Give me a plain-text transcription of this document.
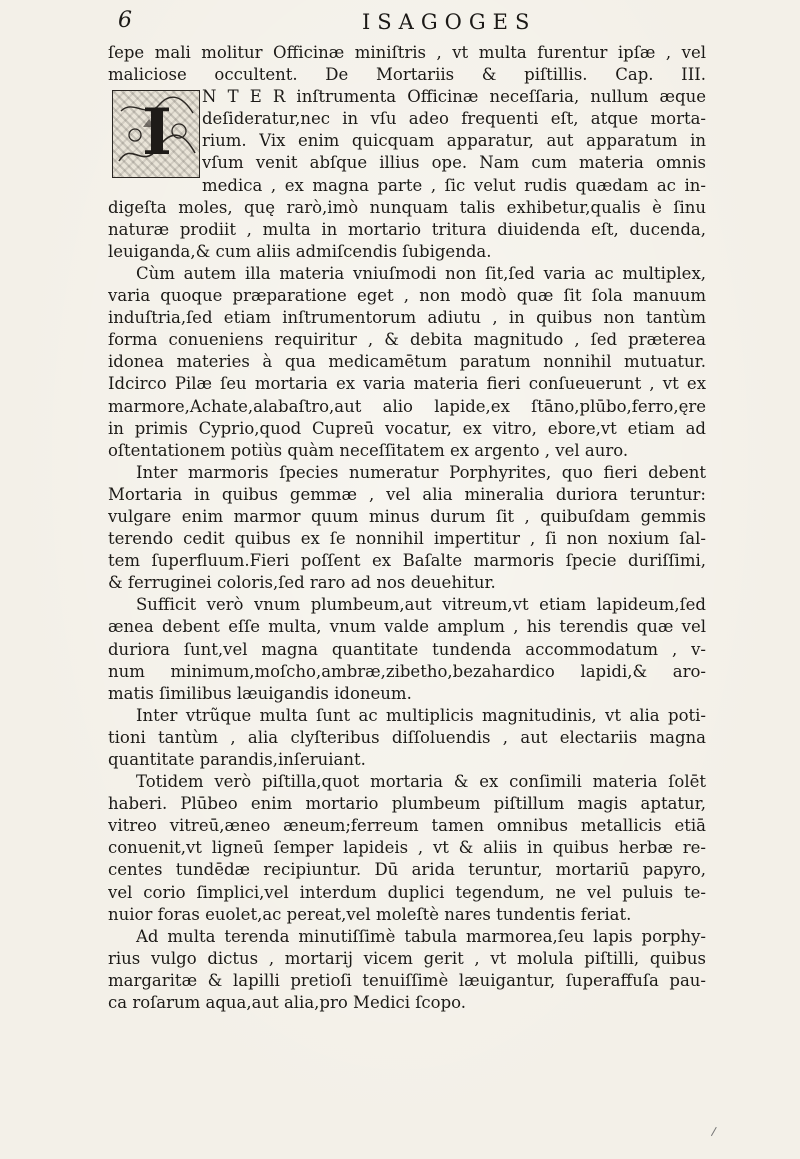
6	ISAGOGES
I
ſepe mali molitur Officinæ miniſtris , vt multa furentur ipſæ , vel
maliciose occultent. De Mortariis & piſtillis. Cap. III.
N T E R inſtrumenta Officinæ neceſſaria, nullum æque
deſideratur,nec in vſu adeo frequenti eſt, atque morta-
rium. Vix enim quicquam apparatur, aut apparatum in
vſum venit abſque illius ope. Nam cum materia omnis
medica , ex magna parte , ſic velut rudis quædam ac in-
digeſta moles, quę rarò,imò nunquam talis exhibetur,qualis è ſinu
naturæ prodiit , multa in mortario tritura diuidenda eſt, ducenda,
leuiganda,& cum aliis admiſcendis ſubigenda.
Cùm autem illa materia vniuſmodi non ſit,ſed varia ac multiplex,
varia quoque præparatione eget , non modò quæ ſit ſola manuum
induſtria,ſed etiam inſtrumentorum adiutu , in quibus non tantùm
forma conueniens requiritur , & debita magnitudo , ſed præterea
idonea materies à qua medicamētum paratum nonnihil mutuatur.
Idcirco Pilæ ſeu mortaria ex varia materia fieri conſueuerunt , vt ex
marmore,Achate,alabaſtro,aut alio lapide,ex ſtāno,plūbo,ferro,ęre
in primis Cyprio,quod Cupreū vocatur, ex vitro, ebore,vt etiam ad
oſtentationem potiùs quàm neceſſitatem ex argento , vel auro.
Inter marmoris ſpecies numeratur Porphyrites, quo fieri debent
Mortaria in quibus gemmæ , vel alia mineralia duriora teruntur:
vulgare enim marmor quum minus durum ſit , quibuſdam gemmis
terendo cedit quibus ex ſe nonnihil impertitur , ſi non noxium ſal-
tem ſuperfluum.Fieri poſſent ex Baſalte marmoris ſpecie duriſſimi,
& ferruginei coloris,ſed raro ad nos deuehitur.
Sufficit verò vnum plumbeum,aut vitreum,vt etiam lapideum,ſed
ænea debent eſſe multa, vnum valde amplum , his terendis quæ vel
duriora ſunt,vel magna quantitate tundenda accommodatum , v-
num minimum,moſcho,ambræ,zibetho,bezahardico lapidi,& aro-
matis ſimilibus læuigandis idoneum.
Inter vtrũque multa ſunt ac multiplicis magnitudinis, vt alia poti-
tioni tantùm , alia clyſteribus diſſoluendis , aut electariis magna
quantitate parandis,inſeruiant.
Totidem verò piſtilla,quot mortaria & ex conſimili materia ſolēt
haberi. Plūbeo enim mortario plumbeum piſtillum magis aptatur,
vitreo vitreū,æneo æneum;ferreum tamen omnibus metallicis etiā
conuenit,vt ligneū ſemper lapideis , vt & aliis in quibus herbæ re-
centes tundēdæ recipiuntur. Dū arida teruntur, mortariū papyro,
vel corio ſimplici,vel interdum duplici tegendum, ne vel puluis te-
nuior foras euolet,ac pereat,vel moleſtè nares tundentis feriat.
Ad multa terenda minutiſſimè tabula marmorea,ſeu lapis porphy-
rius vulgo dictus , mortarij vicem gerit , vt molula piſtilli, quibus
margaritæ & lapilli pretioſi tenuiſſimè læuigantur, ſuperaffuſa pau-
ca roſarum aqua,aut alia,pro Medici ſcopo.
